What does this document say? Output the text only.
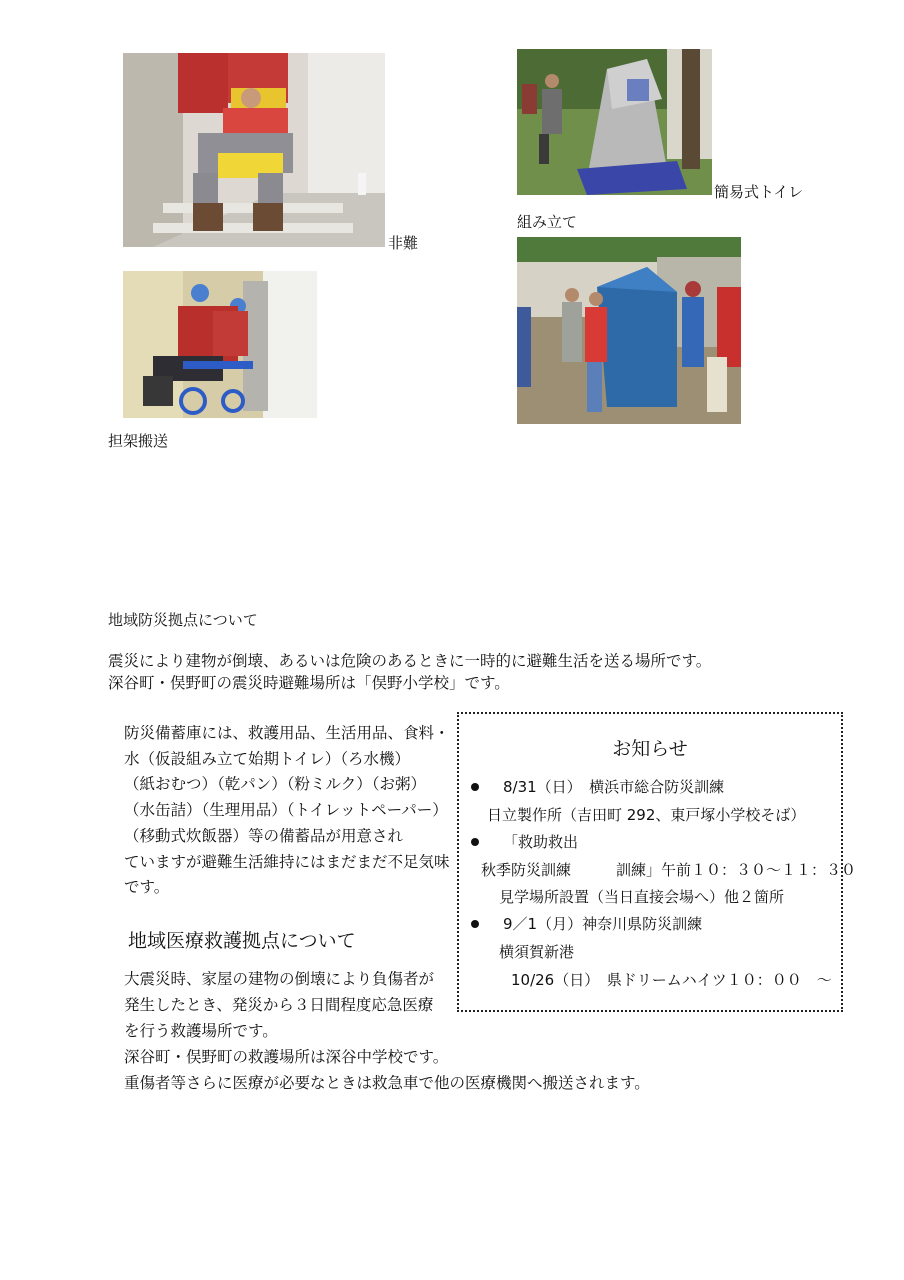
非難
簡易式トイレ
組み立て
担架搬送
地域防災拠点について
震災により建物が倒壊、あるいは危険のあるときに一時的に避難生活を送る場所です。
深谷町・俣野町の震災時避難場所は「俣野小学校」です。
防災備蓄庫には、救護用品、生活用品、食料・
水（仮設組み立て始期トイレ）（ろ水機）
（紙おむつ）（乾パン）（粉ミルク）（お粥）
（水缶詰）（生理用品）（トイレットペーパー）
（移動式炊飯器）等の備蓄品が用意され
ていますが避難生活維持にはまだまだ不足気味
です。
地域医療救護拠点について
大震災時、家屋の建物の倒壊により負傷者が
発生したとき、発災から３日間程度応急医療
を行う救護場所です。
深谷町・俣野町の救護場所は深谷中学校です。
重傷者等さらに医療が必要なときは救急車で他の医療機関へ搬送されます。
お知らせ
8/31（日）　横浜市総合防災訓練
日立製作所（吉田町 292、東戸塚小学校そば）
「救助救出
秋季防災訓練　　　訓練」午前１０：３０〜１１：３０
見学場所設置（当日直接会場へ）他２箇所
9／1（月）神奈川県防災訓練
横須賀新港
10/26（日）　県ドリームハイツ１０：００　〜
